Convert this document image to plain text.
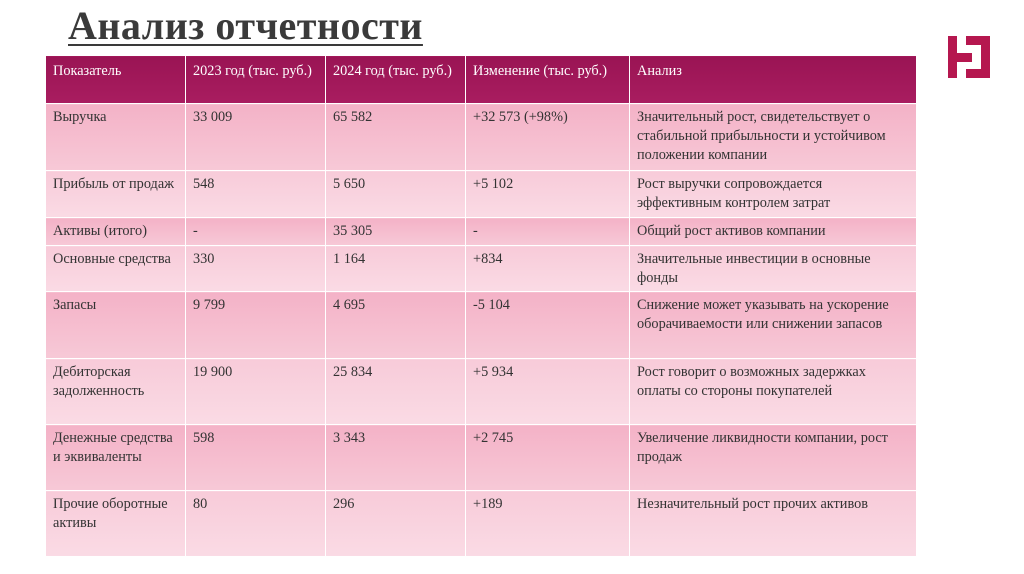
Анализ отчетности
Показатель	2023 год (тыс. руб.)	2024 год (тыс. руб.)	Изменение (тыс. руб.)	Анализ
Выручка	33 009	65 582	+32 573 (+98%)	Значительный рост, свидетельствует о стабильной прибыльности и устойчивом положении компании
Прибыль от продаж	548	5 650	+5 102	Рост выручки сопровождается эффективным контролем затрат
Активы (итого)	-	35 305	-	Общий рост активов компании
Основные средства	330	1 164	+834	Значительные инвестиции в основные фонды
Запасы	9 799	4 695	-5 104	Снижение может указывать на ускорение оборачиваемости или снижении запасов
Дебиторская задолженность	19 900	25 834	+5 934	Рост говорит о возможных задержках оплаты со стороны покупателей
Денежные средства и эквиваленты	598	3 343	+2 745	Увеличение ликвидности компании, рост продаж
Прочие оборотные активы	80	296	+189	Незначительный рост прочих активов
